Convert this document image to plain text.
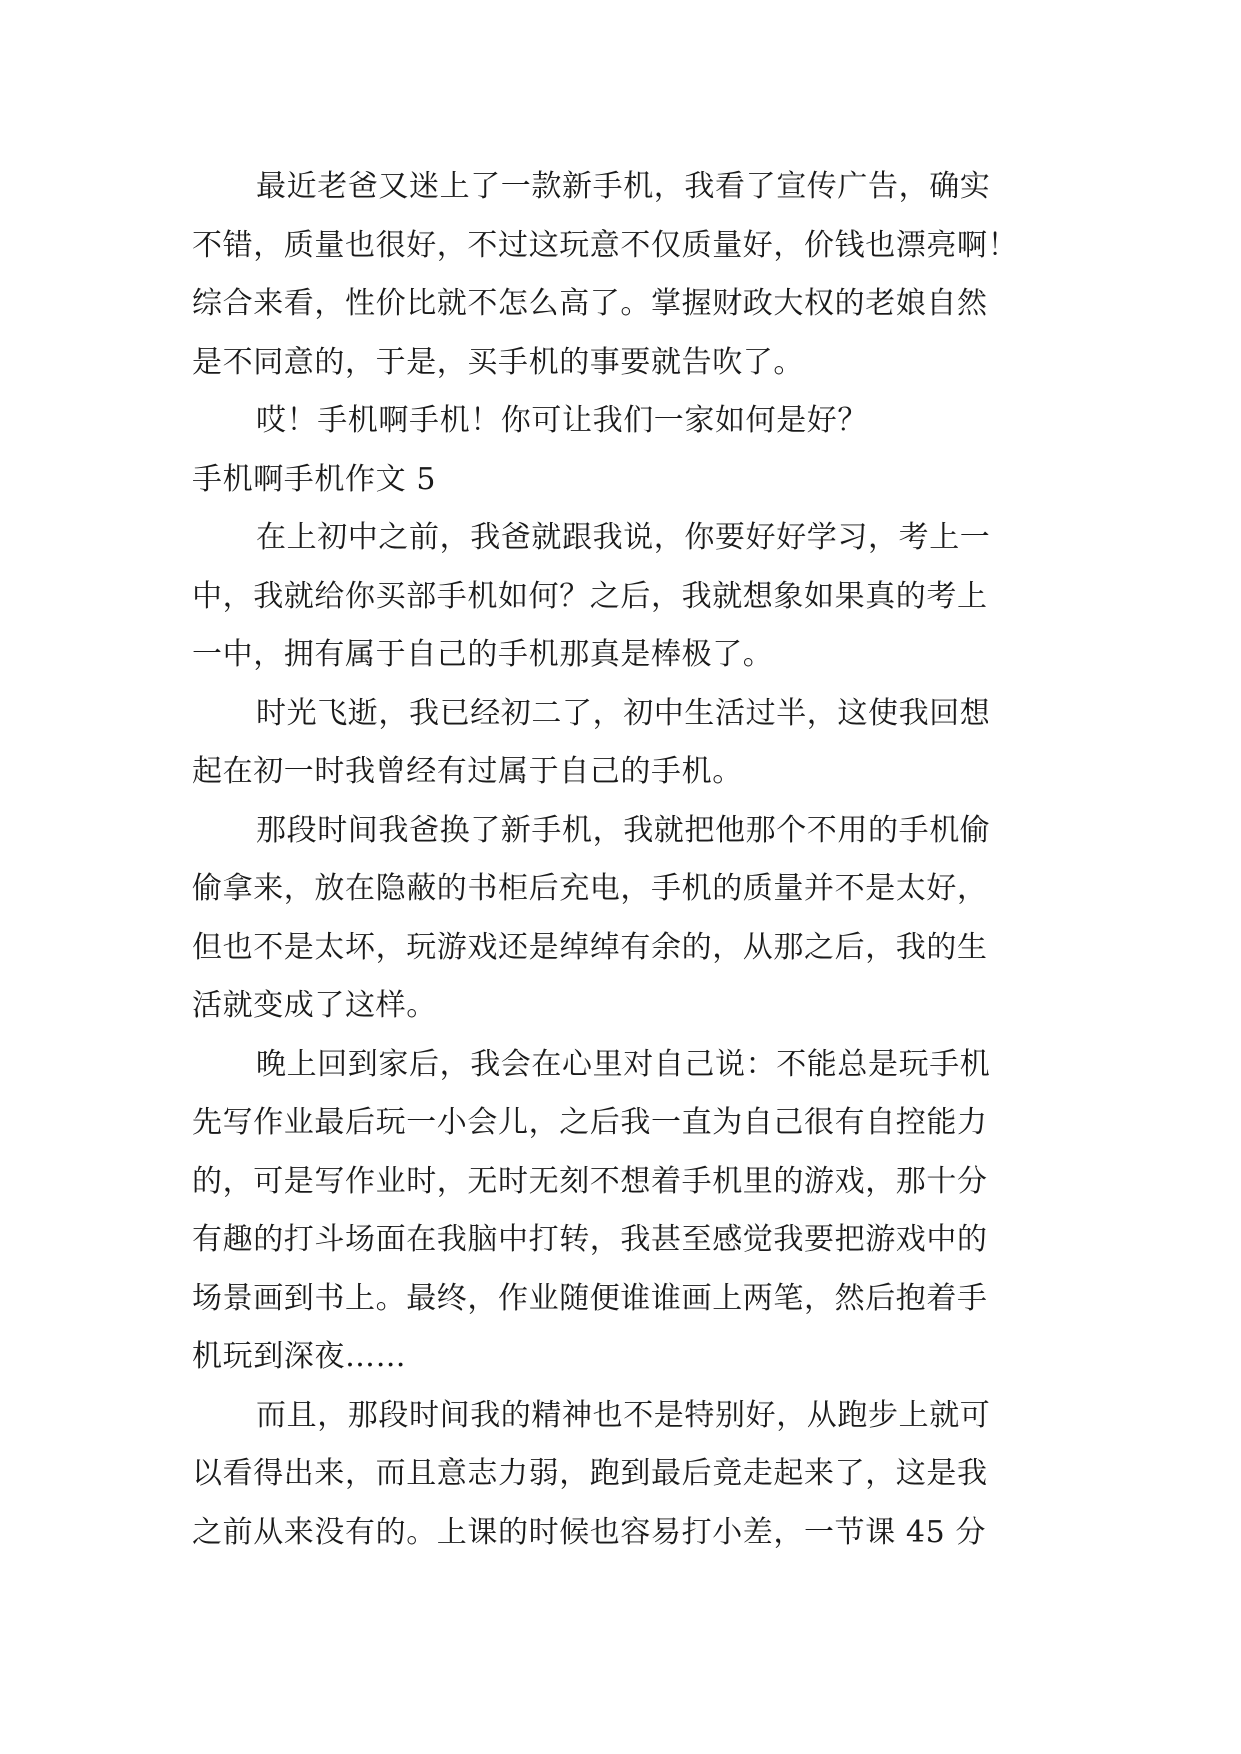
最近老爸又迷上了一款新手机，我看了宣传广告，确实
不错，质量也很好，不过这玩意不仅质量好，价钱也漂亮啊！
综合来看，性价比就不怎么高了。掌握财政大权的老娘自然
是不同意的，于是，买手机的事要就告吹了。
哎！手机啊手机！你可让我们一家如何是好？
手机啊手机作文 5
在上初中之前，我爸就跟我说，你要好好学习，考上一
中，我就给你买部手机如何？之后，我就想象如果真的考上
一中，拥有属于自己的手机那真是棒极了。
时光飞逝，我已经初二了，初中生活过半，这使我回想
起在初一时我曾经有过属于自己的手机。
那段时间我爸换了新手机，我就把他那个不用的手机偷
偷拿来，放在隐蔽的书柜后充电，手机的质量并不是太好，
但也不是太坏，玩游戏还是绰绰有余的，从那之后，我的生
活就变成了这样。
晚上回到家后，我会在心里对自己说：不能总是玩手机
先写作业最后玩一小会儿，之后我一直为自己很有自控能力
的，可是写作业时，无时无刻不想着手机里的游戏，那十分
有趣的打斗场面在我脑中打转，我甚至感觉我要把游戏中的
场景画到书上。最终，作业随便谁谁画上两笔，然后抱着手
机玩到深夜……
而且，那段时间我的精神也不是特别好，从跑步上就可
以看得出来，而且意志力弱，跑到最后竟走起来了，这是我
之前从来没有的。上课的时候也容易打小差，一节课 45 分
